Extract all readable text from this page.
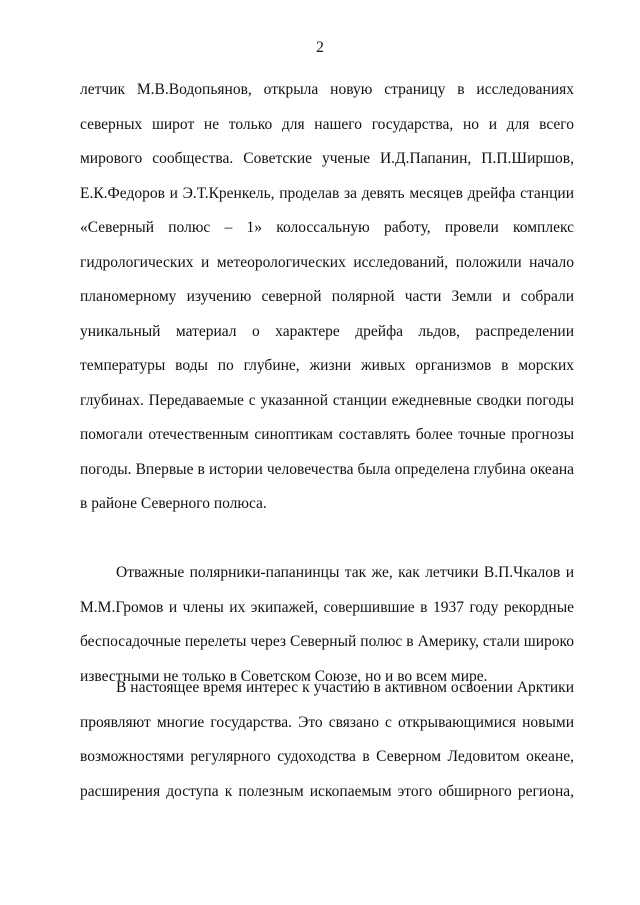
2
летчик М.В.Водопьянов, открыла новую страницу в исследованиях
северных широт не только для нашего государства, но и для всего
мирового сообщества. Советские ученые И.Д.Папанин, П.П.Ширшов,
Е.К.Федоров и Э.Т.Кренкель, проделав за девять месяцев дрейфа станции
«Северный полюс – 1» колоссальную работу, провели комплекс
гидрологических и метеорологических исследований, положили начало
планомерному изучению северной полярной части Земли и собрали
уникальный материал о характере дрейфа льдов, распределении
температуры воды по глубине, жизни живых организмов в морских
глубинах. Передаваемые с указанной станции ежедневные сводки погоды
помогали отечественным синоптикам составлять более точные прогнозы
погоды. Впервые в истории человечества была определена глубина океана
в районе Северного полюса.
Отважные полярники-папанинцы так же, как летчики В.П.Чкалов и
М.М.Громов и члены их экипажей, совершившие в 1937 году рекордные
беспосадочные перелеты через Северный полюс в Америку, стали широко
известными не только в Советском Союзе, но и во всем мире.
В настоящее время интерес к участию в активном освоении Арктики
проявляют многие государства. Это связано с открывающимися новыми
возможностями регулярного судоходства в Северном Ледовитом океане,
расширения доступа к полезным ископаемым этого обширного региона,
